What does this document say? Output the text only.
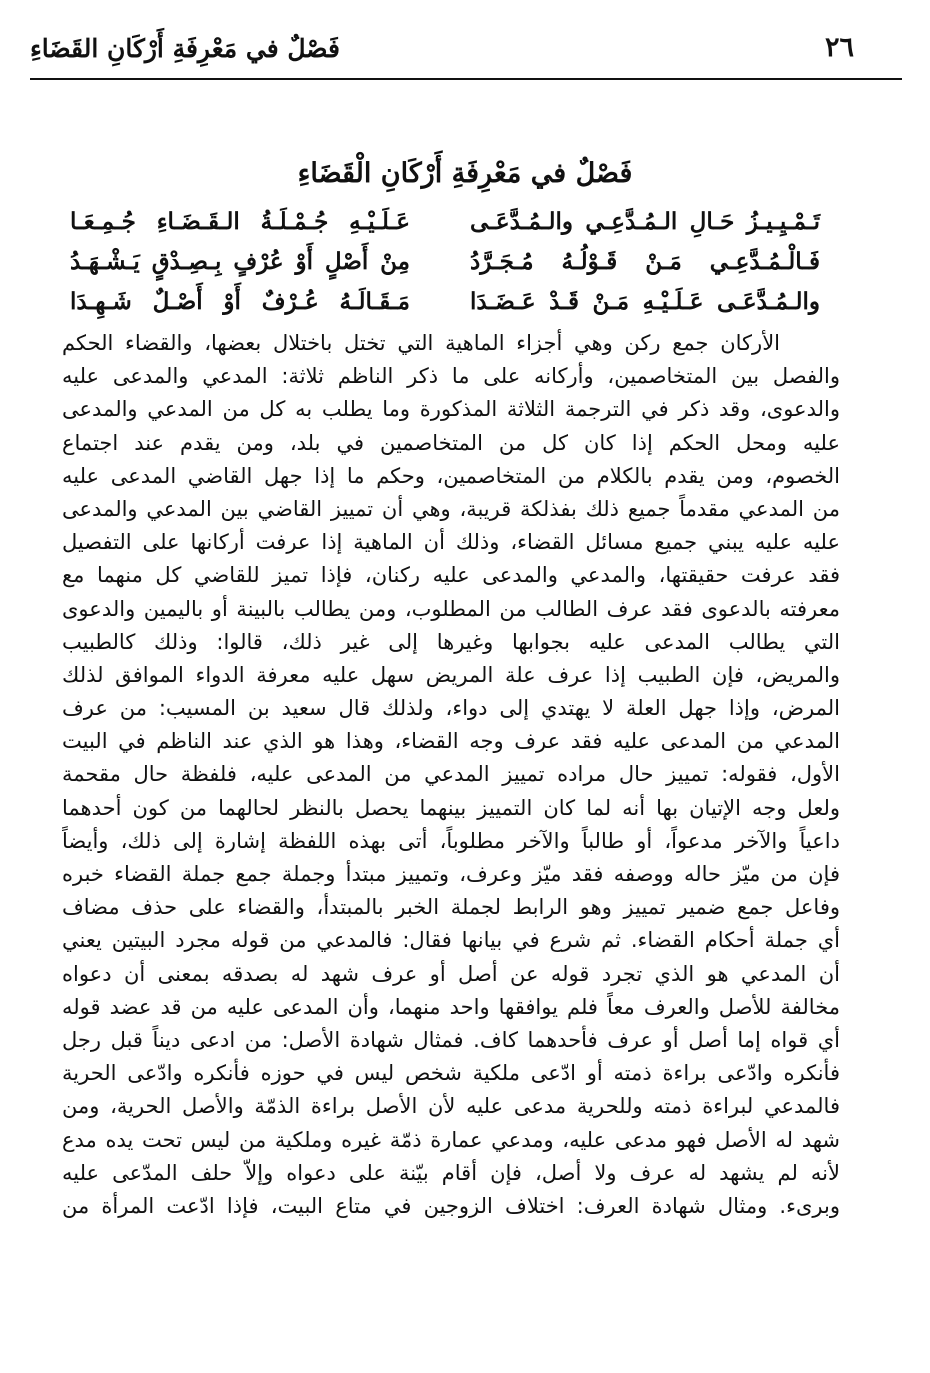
فَصْلٌ في مَعْرِفَةِ أَرْكَانِ القَضَاءِ	٢٦
فَصْلٌ في مَعْرِفَةِ أَرْكَانِ الْقَضَاءِ
تَـمْـيِـيـزُ حَـالِ الـمُـدَّعِـي والـمُـدَّعَـى
عَـلَـيْـهِ جُـمْـلَـةُ الـقَـضَـاءِ جُـمِـعَـا
فَـالْـمُـدَّعِـي مَـنْ قَـوْلُـهُ مُـجَـرَّدُ
مِنْ أَصْلٍ أَوْ عُرْفٍ بِـصِـدْقٍ يَـشْـهَـدُ
والـمُـدَّعَـى عَـلَـيْـهِ مَـنْ قَـدْ عَـضَـدَا
مَـقَـالَـهُ عُـرْفٌ أَوْ أَصْـلٌ شَـهِـدَا
الأركان جمع ركن وهي أجزاء الماهية التي تختل باختلال بعضها، والقضاء الحكم
والفصل بين المتخاصمين، وأركانه على ما ذكر الناظم ثلاثة: المدعي والمدعى عليه
والدعوى، وقد ذكر في الترجمة الثلاثة المذكورة وما يطلب به كل من المدعي والمدعى
عليه ومحل الحكم إذا كان كل من المتخاصمين في بلد، ومن يقدم عند اجتماع
الخصوم، ومن يقدم بالكلام من المتخاصمين، وحكم ما إذا جهل القاضي المدعى عليه
من المدعي مقدماً جميع ذلك بفذلكة قريبة، وهي أن تمييز القاضي بين المدعي والمدعى
عليه عليه يبني جميع مسائل القضاء، وذلك أن الماهية إذا عرفت أركانها على التفصيل
فقد عرفت حقيقتها، والمدعي والمدعى عليه ركنان، فإذا تميز للقاضي كل منهما مع
معرفته بالدعوى فقد عرف الطالب من المطلوب، ومن يطالب بالبينة أو باليمين والدعوى
التي يطالب المدعى عليه بجوابها وغيرها إلى غير ذلك، قالوا: وذلك كالطبيب
والمريض، فإن الطبيب إذا عرف علة المريض سهل عليه معرفة الدواء الموافق لذلك
المرض، وإذا جهل العلة لا يهتدي إلى دواء، ولذلك قال سعيد بن المسيب: من عرف
المدعي من المدعى عليه فقد عرف وجه القضاء، وهذا هو الذي عند الناظم في البيت
الأول، فقوله: تمييز حال مراده تمييز المدعي من المدعى عليه، فلفظة حال مقحمة
ولعل وجه الإتيان بها أنه لما كان التمييز بينهما يحصل بالنظر لحالهما من كون أحدهما
داعياً والآخر مدعواً، أو طالباً والآخر مطلوباً، أتى بهذه اللفظة إشارة إلى ذلك، وأيضاً
فإن من ميّز حاله ووصفه فقد ميّز وعرف، وتمييز مبتدأ وجملة جمع جملة القضاء خبره
وفاعل جمع ضمير تمييز وهو الرابط لجملة الخبر بالمبتدأ، والقضاء على حذف مضاف
أي جملة أحكام القضاء. ثم شرع في بيانها فقال: فالمدعي من قوله مجرد البيتين يعني
أن المدعي هو الذي تجرد قوله عن أصل أو عرف شهد له بصدقه بمعنى أن دعواه
مخالفة للأصل والعرف معاً فلم يوافقها واحد منهما، وأن المدعى عليه من قد عضد قوله
أي قواه إما أصل أو عرف فأحدهما كاف. فمثال شهادة الأصل: من ادعى ديناً قبل رجل
فأنكره وادّعى براءة ذمته أو ادّعى ملكية شخص ليس في حوزه فأنكره وادّعى الحرية
فالمدعي لبراءة ذمته وللحرية مدعى عليه لأن الأصل براءة الذمّة والأصل الحرية، ومن
شهد له الأصل فهو مدعى عليه، ومدعي عمارة ذمّة غيره وملكية من ليس تحت يده مدع
لأنه لم يشهد له عرف ولا أصل، فإن أقام بيّنة على دعواه وإلاّ حلف المدّعى عليه
وبرىء. ومثال شهادة العرف: اختلاف الزوجين في متاع البيت، فإذا ادّعت المرأة من
